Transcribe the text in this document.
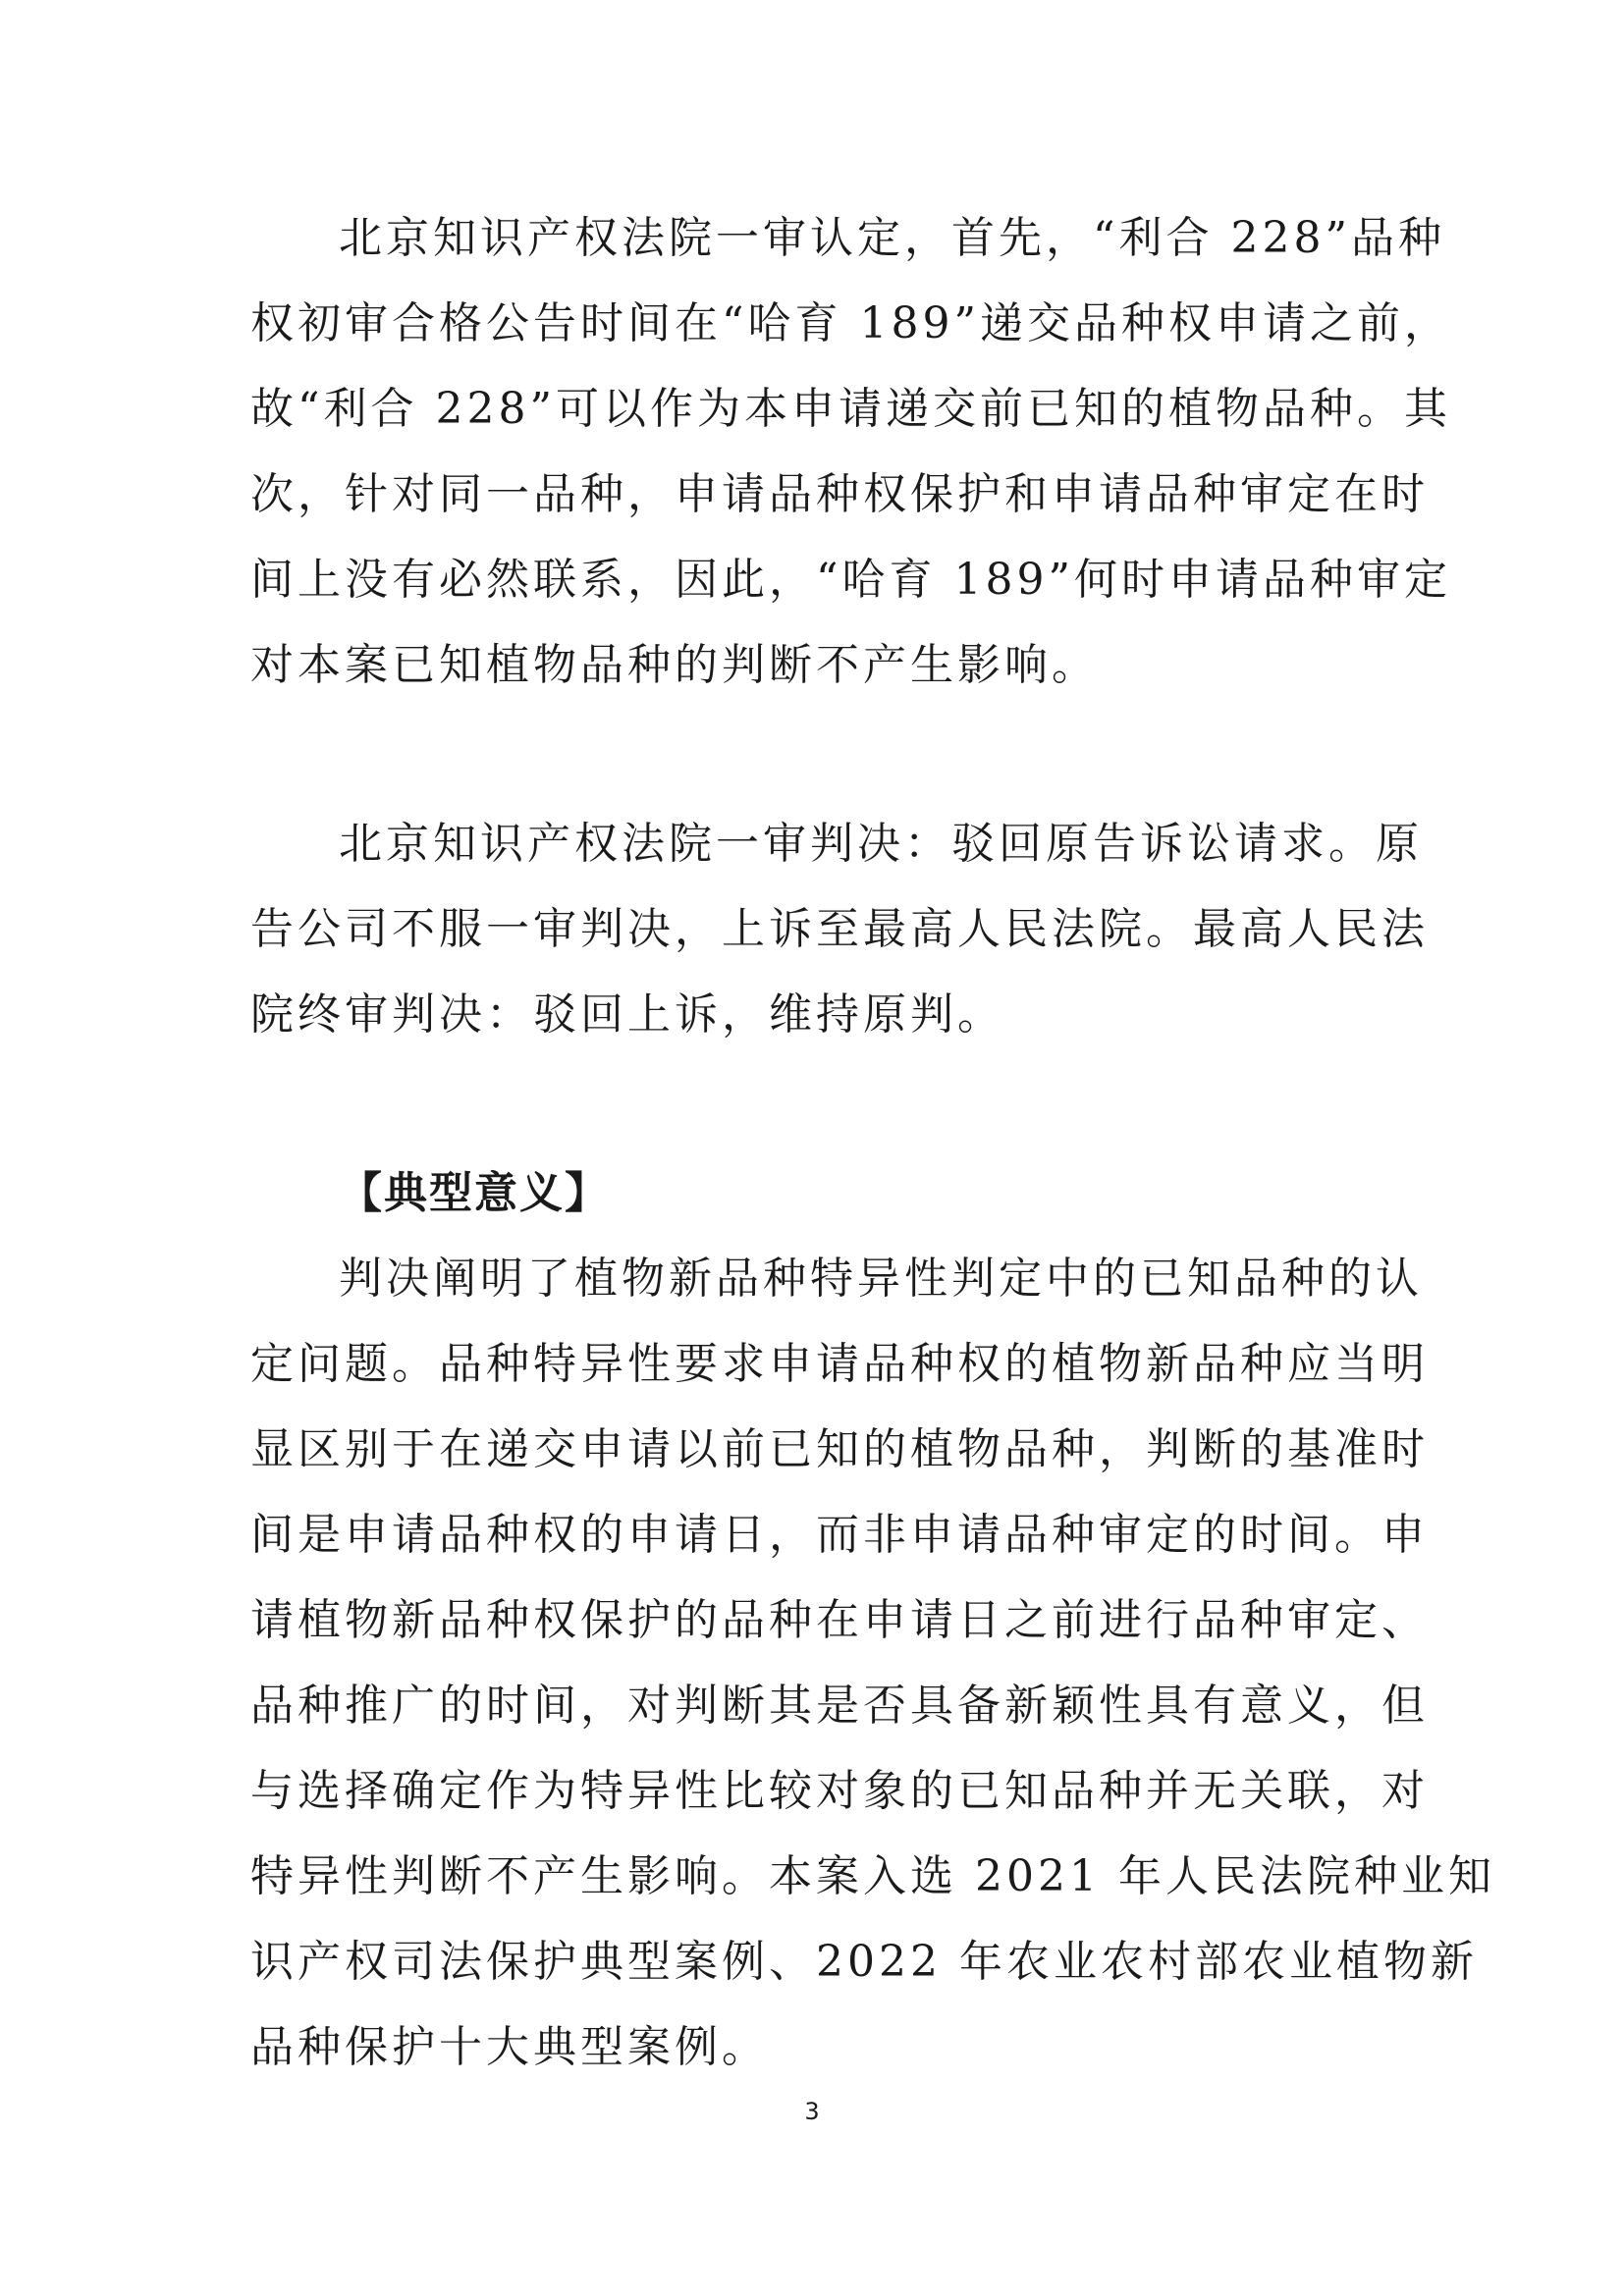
北京知识产权法院一审认定，首先，“利合 228”品种
权初审合格公告时间在“哈育 189”递交品种权申请之前，
故“利合 228”可以作为本申请递交前已知的植物品种。其
次，针对同一品种，申请品种权保护和申请品种审定在时
间上没有必然联系，因此，“哈育 189”何时申请品种审定
对本案已知植物品种的判断不产生影响。
北京知识产权法院一审判决：驳回原告诉讼请求。原
告公司不服一审判决，上诉至最高人民法院。最高人民法
院终审判决：驳回上诉，维持原判。
【典型意义】
判决阐明了植物新品种特异性判定中的已知品种的认
定问题。品种特异性要求申请品种权的植物新品种应当明
显区别于在递交申请以前已知的植物品种，判断的基准时
间是申请品种权的申请日，而非申请品种审定的时间。申
请植物新品种权保护的品种在申请日之前进行品种审定、
品种推广的时间，对判断其是否具备新颖性具有意义，但
与选择确定作为特异性比较对象的已知品种并无关联，对
特异性判断不产生影响。本案入选 2021 年人民法院种业知
识产权司法保护典型案例、2022 年农业农村部农业植物新
品种保护十大典型案例。
3
